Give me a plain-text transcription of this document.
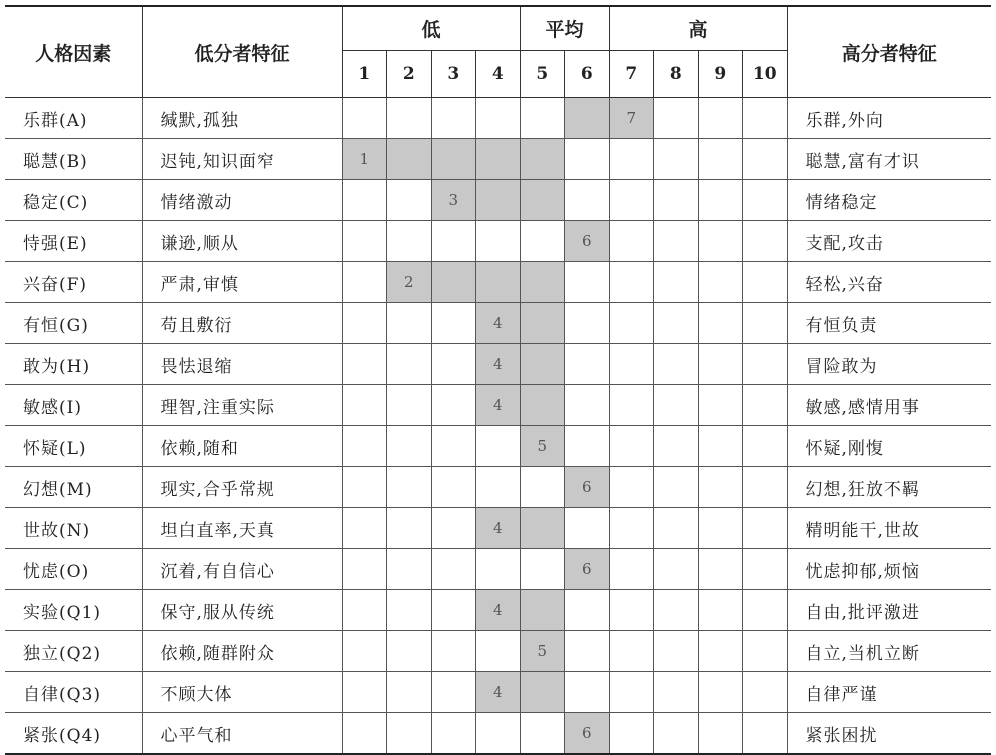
人格因素	低分者特征	低				平均		高				高分者特征
		1	2	3	4	5	6	7	8	9	10	
乐群(A)	缄默,孤独							7				乐群,外向
聪慧(B)	迟钝,知识面窄	1										聪慧,富有才识
稳定(C)	情绪激动			3								情绪稳定
恃强(E)	谦逊,顺从						6					支配,攻击
兴奋(F)	严肃,审慎		2									轻松,兴奋
有恒(G)	苟且敷衍				4							有恒负责
敢为(H)	畏怯退缩				4							冒险敢为
敏感(I)	理智,注重实际				4							敏感,感情用事
怀疑(L)	依赖,随和					5						怀疑,刚愎
幻想(M)	现实,合乎常规						6					幻想,狂放不羁
世故(N)	坦白直率,天真				4							精明能干,世故
忧虑(O)	沉着,有自信心						6					忧虑抑郁,烦恼
实验(Q1)	保守,服从传统				4							自由,批评激进
独立(Q2)	依赖,随群附众					5						自立,当机立断
自律(Q3)	不顾大体				4							自律严谨
紧张(Q4)	心平气和						6					紧张困扰
